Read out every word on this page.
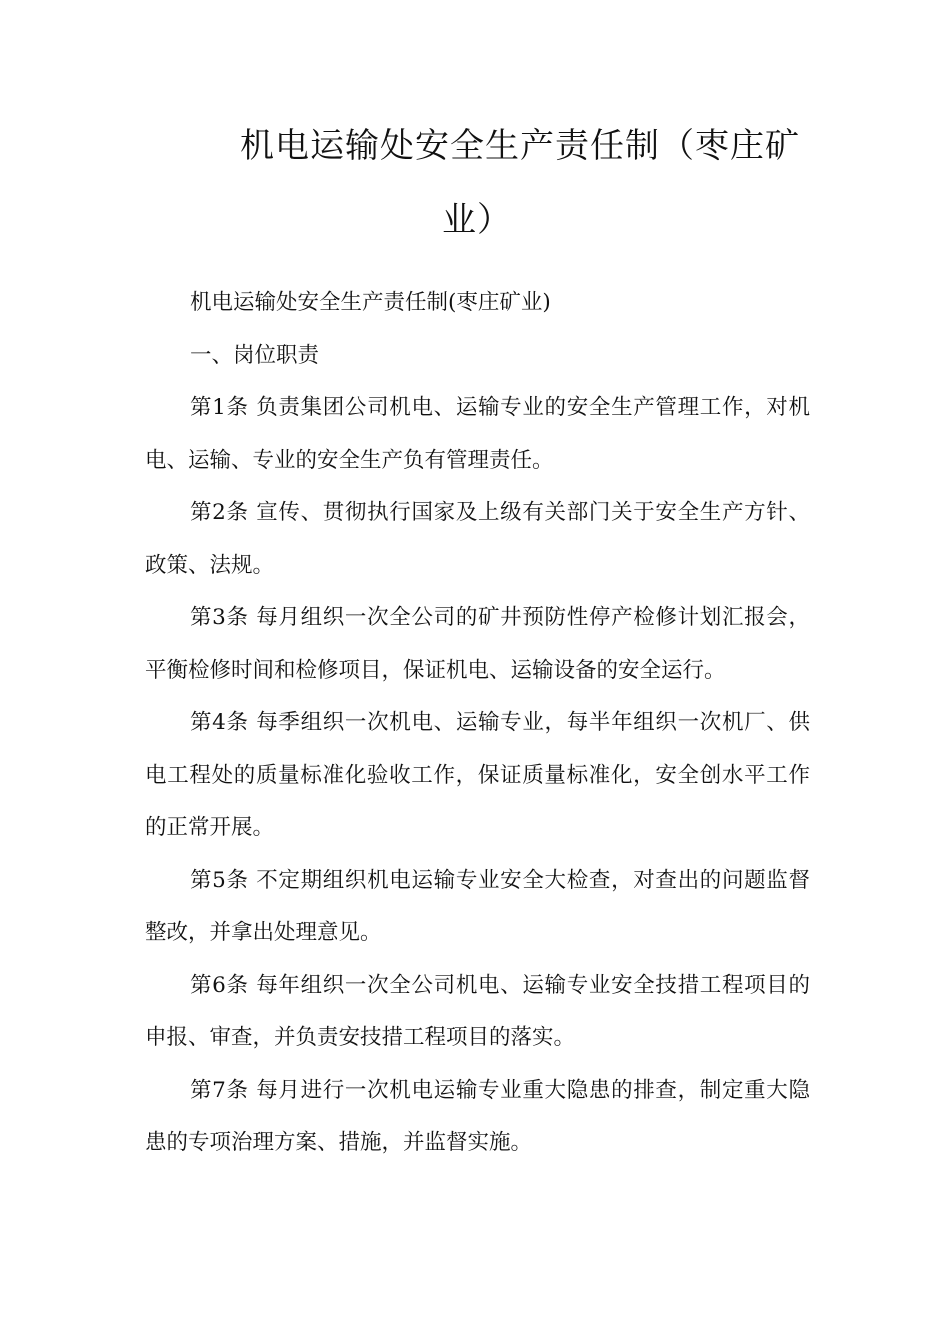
机电运输处安全生产责任制（枣庄矿
业）

机电运输处安全生产责任制(枣庄矿业)

一、岗位职责

第1条 负责集团公司机电、运输专业的安全生产管理工作，对机电、运输、专业的安全生产负有管理责任。

第2条 宣传、贯彻执行国家及上级有关部门关于安全生产方针、政策、法规。

第3条 每月组织一次全公司的矿井预防性停产检修计划汇报会，平衡检修时间和检修项目，保证机电、运输设备的安全运行。

第4条 每季组织一次机电、运输专业，每半年组织一次机厂、供电工程处的质量标准化验收工作，保证质量标准化，安全创水平工作的正常开展。

第5条 不定期组织机电运输专业安全大检查，对查出的问题监督整改，并拿出处理意见。

第6条 每年组织一次全公司机电、运输专业安全技措工程项目的申报、审查，并负责安技措工程项目的落实。

第7条 每月进行一次机电运输专业重大隐患的排查，制定重大隐患的专项治理方案、措施，并监督实施。
